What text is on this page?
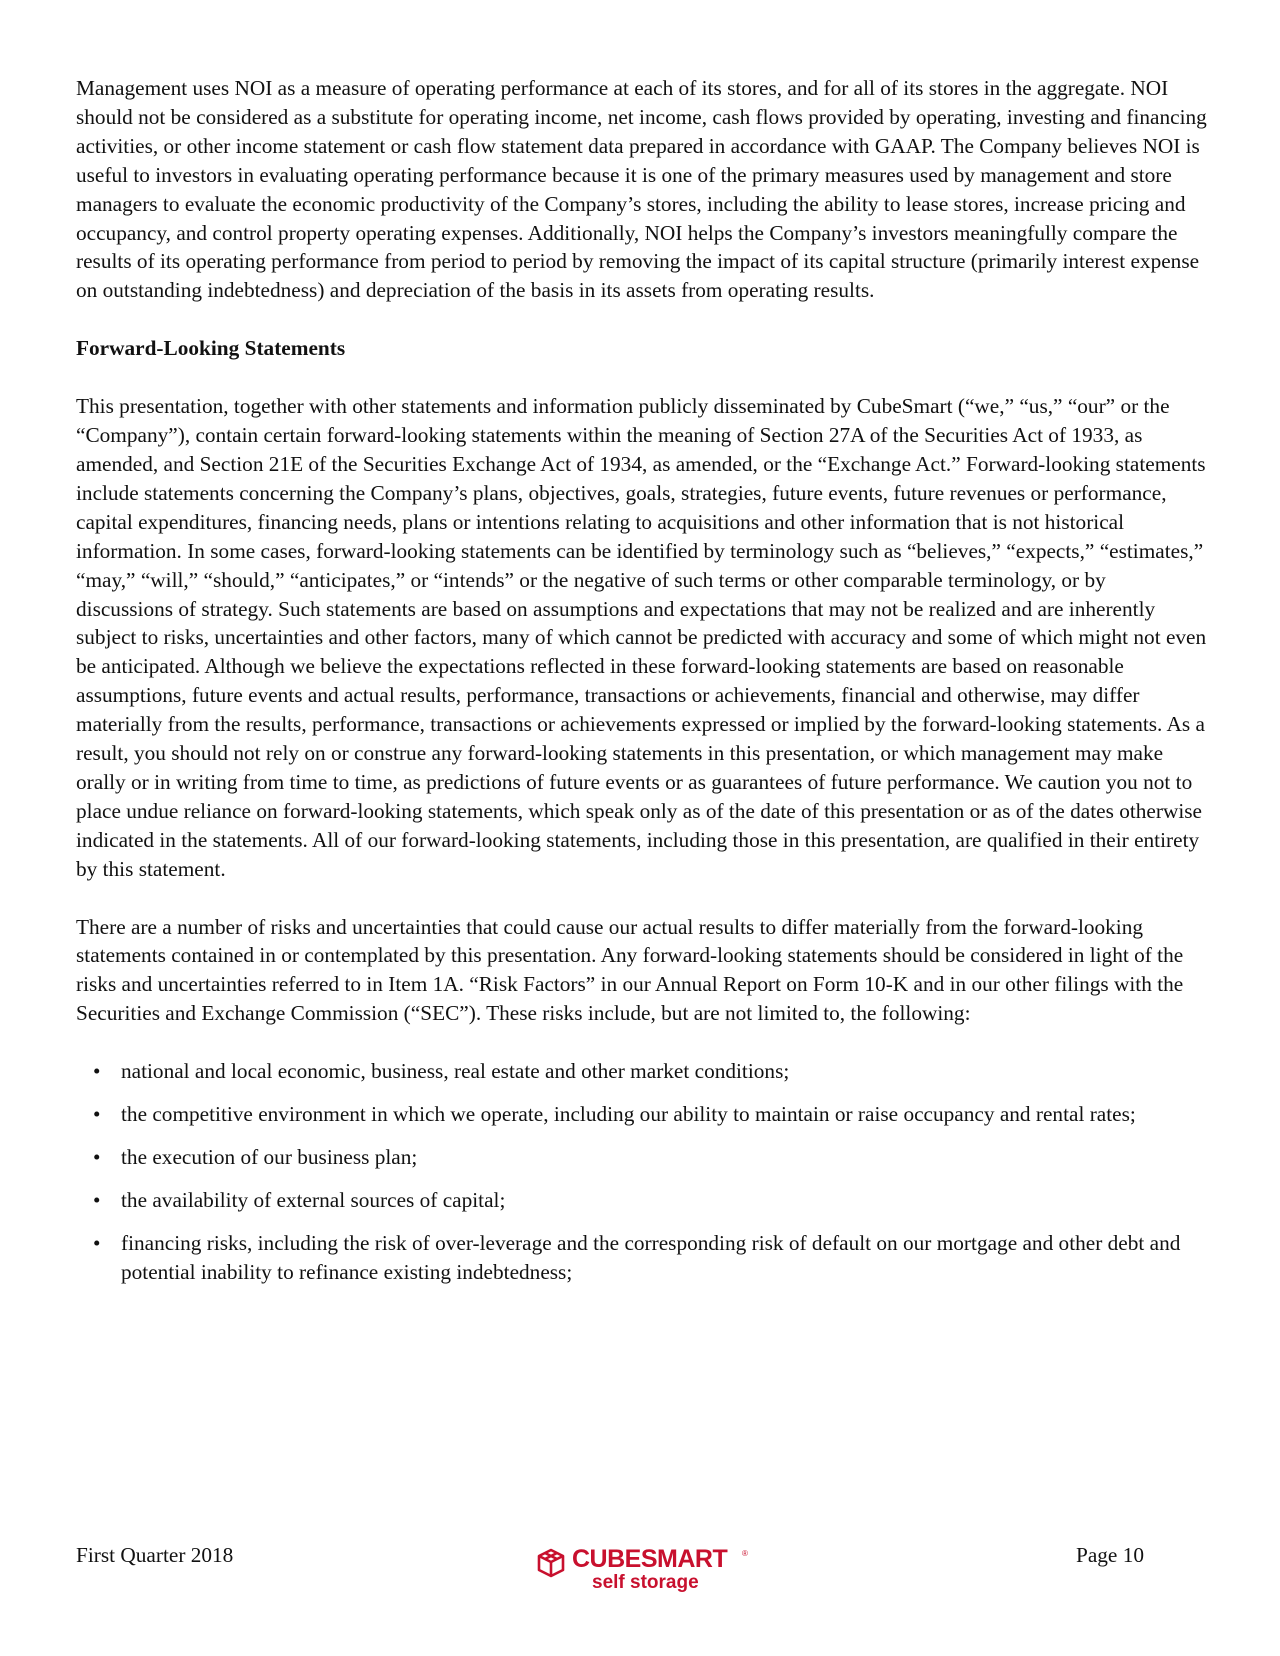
Management uses NOI as a measure of operating performance at each of its stores, and for all of its stores in the aggregate. NOI should not be considered as a substitute for operating income, net income, cash flows provided by operating, investing and financing activities, or other income statement or cash flow statement data prepared in accordance with GAAP. The Company believes NOI is useful to investors in evaluating operating performance because it is one of the primary measures used by management and store managers to evaluate the economic productivity of the Company’s stores, including the ability to lease stores, increase pricing and occupancy, and control property operating expenses. Additionally, NOI helps the Company’s investors meaningfully compare the results of its operating performance from period to period by removing the impact of its capital structure (primarily interest expense on outstanding indebtedness) and depreciation of the basis in its assets from operating results.

Forward-Looking Statements

This presentation, together with other statements and information publicly disseminated by CubeSmart (“we,” “us,” “our” or the “Company”), contain certain forward-looking statements within the meaning of Section 27A of the Securities Act of 1933, as amended, and Section 21E of the Securities Exchange Act of 1934, as amended, or the “Exchange Act.” Forward-looking statements include statements concerning the Company’s plans, objectives, goals, strategies, future events, future revenues or performance, capital expenditures, financing needs, plans or intentions relating to acquisitions and other information that is not historical information. In some cases, forward-looking statements can be identified by terminology such as “believes,” “expects,” “estimates,” “may,” “will,” “should,” “anticipates,” or “intends” or the negative of such terms or other comparable terminology, or by discussions of strategy. Such statements are based on assumptions and expectations that may not be realized and are inherently subject to risks, uncertainties and other factors, many of which cannot be predicted with accuracy and some of which might not even be anticipated. Although we believe the expectations reflected in these forward-looking statements are based on reasonable assumptions, future events and actual results, performance, transactions or achievements, financial and otherwise, may differ materially from the results, performance, transactions or achievements expressed or implied by the forward-looking statements. As a result, you should not rely on or construe any forward-looking statements in this presentation, or which management may make orally or in writing from time to time, as predictions of future events or as guarantees of future performance. We caution you not to place undue reliance on forward-looking statements, which speak only as of the date of this presentation or as of the dates otherwise indicated in the statements. All of our forward-looking statements, including those in this presentation, are qualified in their entirety by this statement.

There are a number of risks and uncertainties that could cause our actual results to differ materially from the forward-looking statements contained in or contemplated by this presentation. Any forward-looking statements should be considered in light of the risks and uncertainties referred to in Item 1A. “Risk Factors” in our Annual Report on Form 10-K and in our other filings with the Securities and Exchange Commission (“SEC”). These risks include, but are not limited to, the following:

• national and local economic, business, real estate and other market conditions;
• the competitive environment in which we operate, including our ability to maintain or raise occupancy and rental rates;
• the execution of our business plan;
• the availability of external sources of capital;
• financing risks, including the risk of over-leverage and the corresponding risk of default on our mortgage and other debt and potential inability to refinance existing indebtedness;
First Quarter 2018	CUBESMART ®
self storage
Page 10
